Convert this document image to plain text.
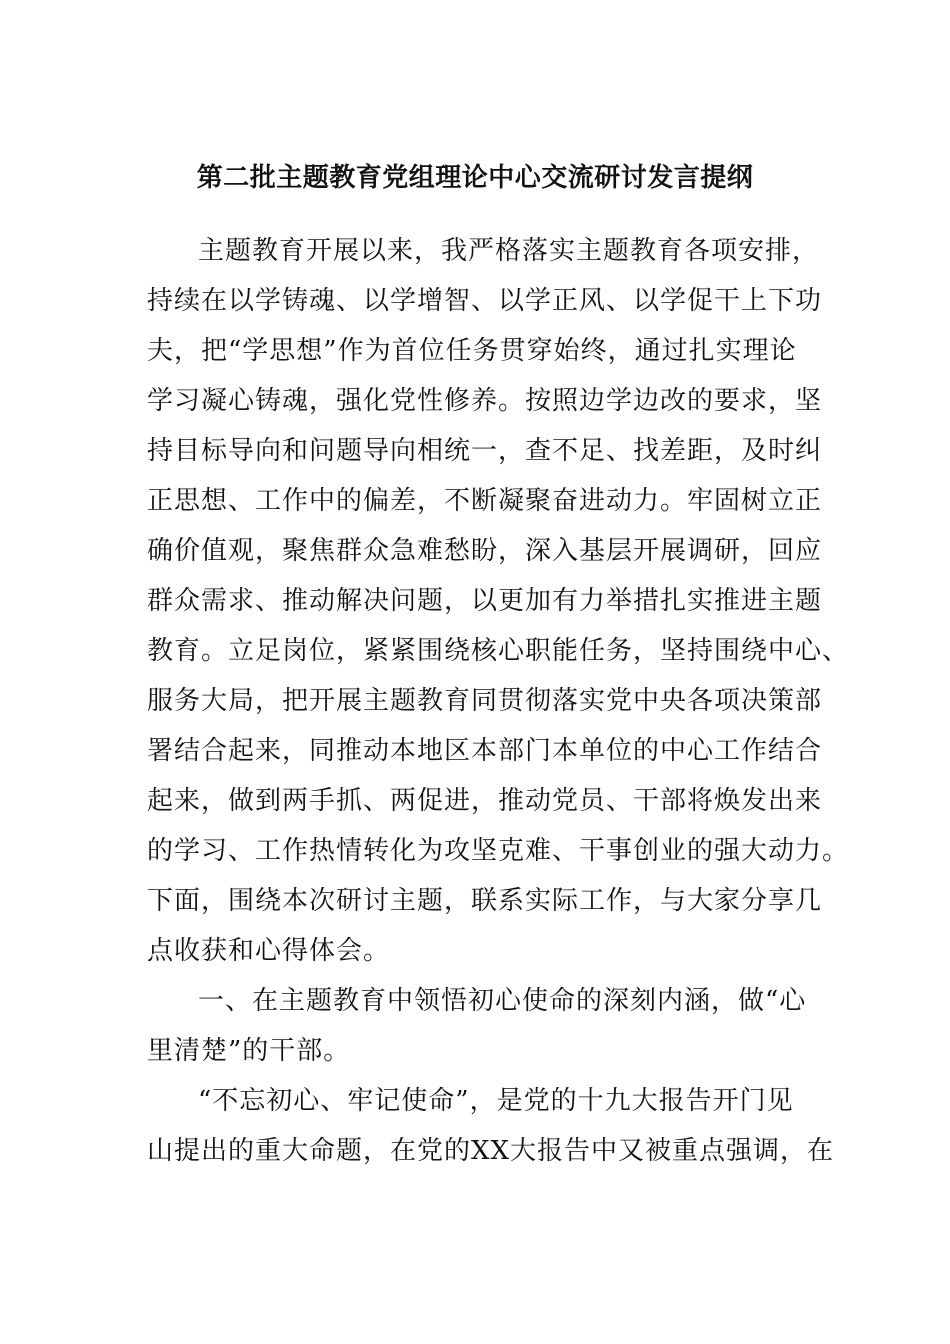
第二批主题教育党组理论中心交流研讨发言提纲
主题教育开展以来，我严格落实主题教育各项安排，
持续在以学铸魂、以学增智、以学正风、以学促干上下功
夫，把“学思想”作为首位任务贯穿始终，通过扎实理论
学习凝心铸魂，强化党性修养。按照边学边改的要求，坚
持目标导向和问题导向相统一，查不足、找差距，及时纠
正思想、工作中的偏差，不断凝聚奋进动力。牢固树立正
确价值观，聚焦群众急难愁盼，深入基层开展调研，回应
群众需求、推动解决问题，以更加有力举措扎实推进主题
教育。立足岗位，紧紧围绕核心职能任务，坚持围绕中心、
服务大局，把开展主题教育同贯彻落实党中央各项决策部
署结合起来，同推动本地区本部门本单位的中心工作结合
起来，做到两手抓、两促进，推动党员、干部将焕发出来
的学习、工作热情转化为攻坚克难、干事创业的强大动力。
下面，围绕本次研讨主题，联系实际工作，与大家分享几
点收获和心得体会。
一、在主题教育中领悟初心使命的深刻内涵，做“心
里清楚”的干部。
“不忘初心、牢记使命”，是党的十九大报告开门见
山提出的重大命题，在党的XX大报告中又被重点强调，在
